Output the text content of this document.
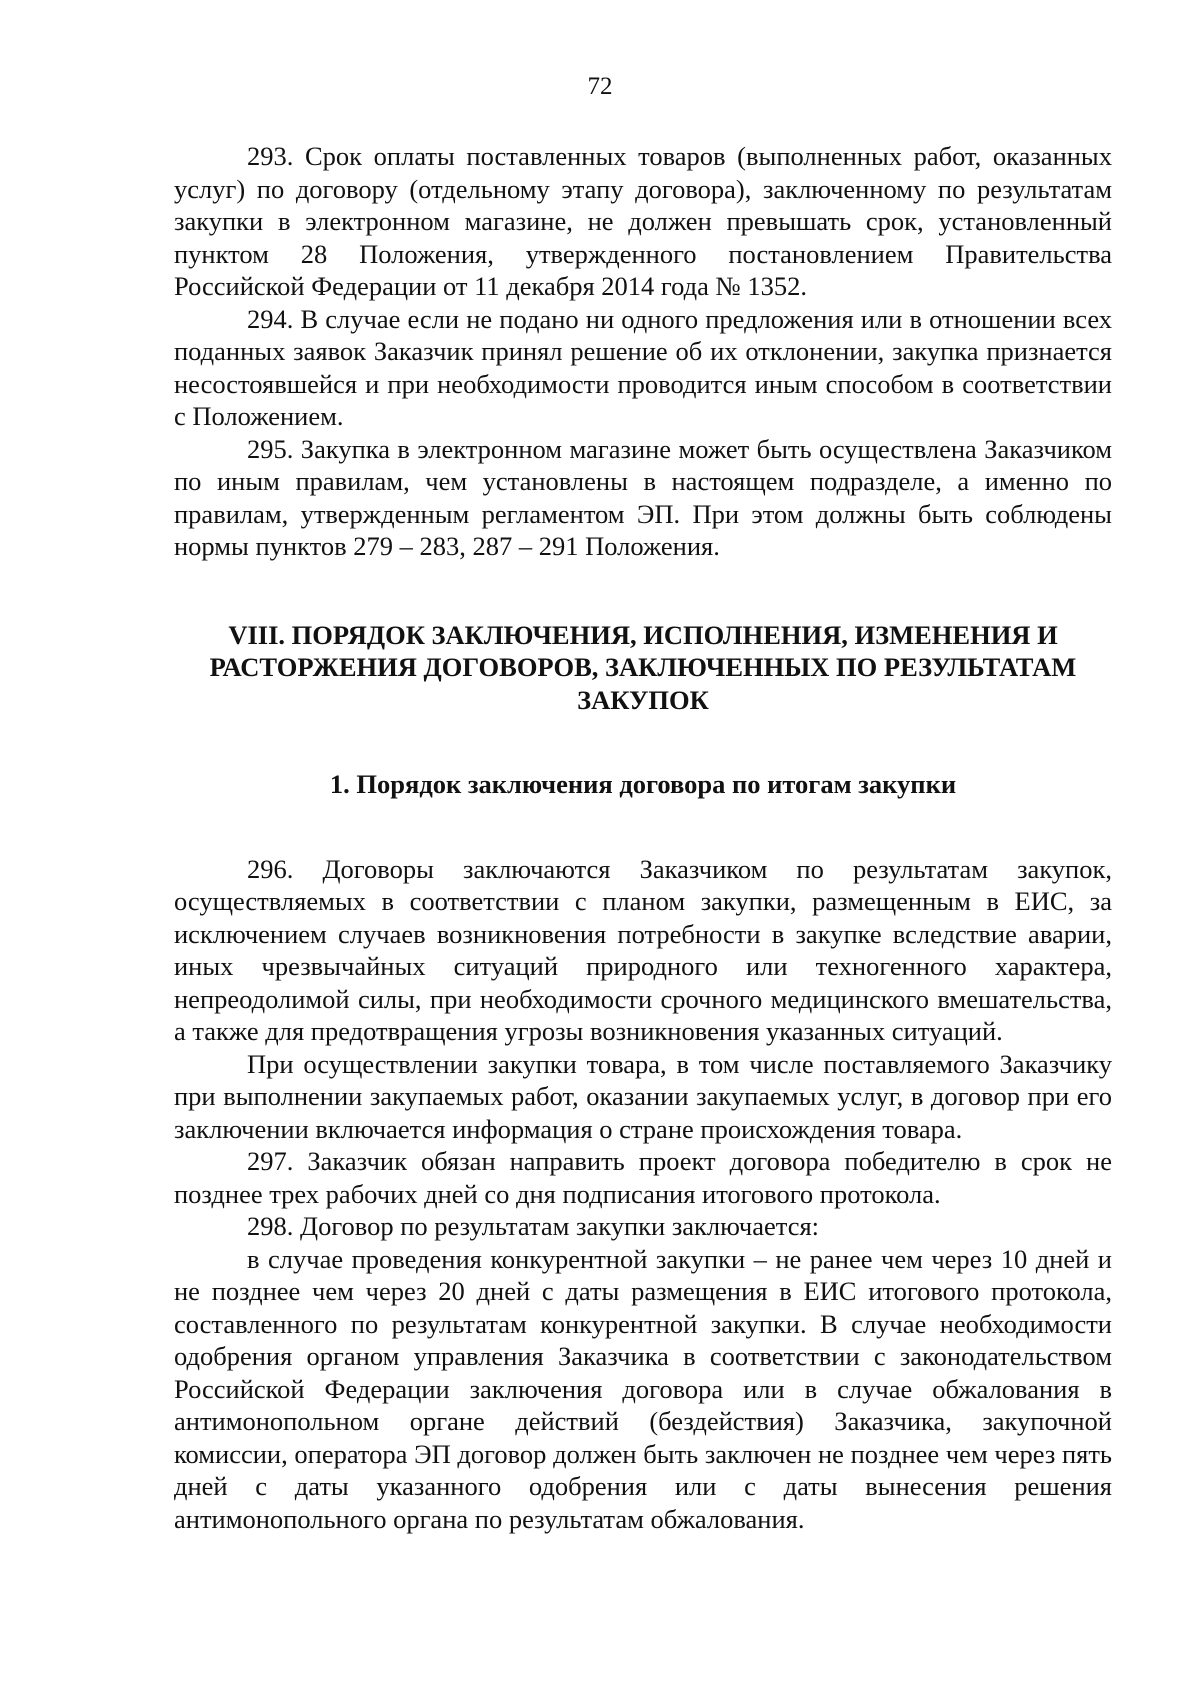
72

293. Срок оплаты поставленных товаров (выполненных работ, оказанных услуг) по договору (отдельному этапу договора), заключенному по результатам закупки в электронном магазине, не должен превышать срок, установленный пунктом 28 Положения, утвержденного постановлением Правительства Российской Федерации от 11 декабря 2014 года № 1352.

294. В случае если не подано ни одного предложения или в отношении всех поданных заявок Заказчик принял решение об их отклонении, закупка признается несостоявшейся и при необходимости проводится иным способом в соответствии с Положением.

295. Закупка в электронном магазине может быть осуществлена Заказчиком по иным правилам, чем установлены в настоящем подразделе, а именно по правилам, утвержденным регламентом ЭП. При этом должны быть соблюдены нормы пунктов 279 – 283, 287 – 291 Положения.

VIII. ПОРЯДОК ЗАКЛЮЧЕНИЯ, ИСПОЛНЕНИЯ, ИЗМЕНЕНИЯ И РАСТОРЖЕНИЯ ДОГОВОРОВ, ЗАКЛЮЧЕННЫХ ПО РЕЗУЛЬТАТАМ ЗАКУПОК
1. Порядок заключения договора по итогам закупки

296. Договоры заключаются Заказчиком по результатам закупок, осуществляемых в соответствии с планом закупки, размещенным в ЕИС, за исключением случаев возникновения потребности в закупке вследствие аварии, иных чрезвычайных ситуаций природного или техногенного характера, непреодолимой силы, при необходимости срочного медицинского вмешательства, а также для предотвращения угрозы возникновения указанных ситуаций.

При осуществлении закупки товара, в том числе поставляемого Заказчику при выполнении закупаемых работ, оказании закупаемых услуг, в договор при его заключении включается информация о стране происхождения товара.

297. Заказчик обязан направить проект договора победителю в срок не позднее трех рабочих дней со дня подписания итогового протокола.

298. Договор по результатам закупки заключается:

в случае проведения конкурентной закупки – не ранее чем через 10 дней и не позднее чем через 20 дней с даты размещения в ЕИС итогового протокола, составленного по результатам конкурентной закупки. В случае необходимости одобрения органом управления Заказчика в соответствии с законодательством Российской Федерации заключения договора или в случае обжалования в антимонопольном органе действий (бездействия) Заказчика, закупочной комиссии, оператора ЭП договор должен быть заключен не позднее чем через пять дней с даты указанного одобрения или с даты вынесения решения антимонопольного органа по результатам обжалования.
